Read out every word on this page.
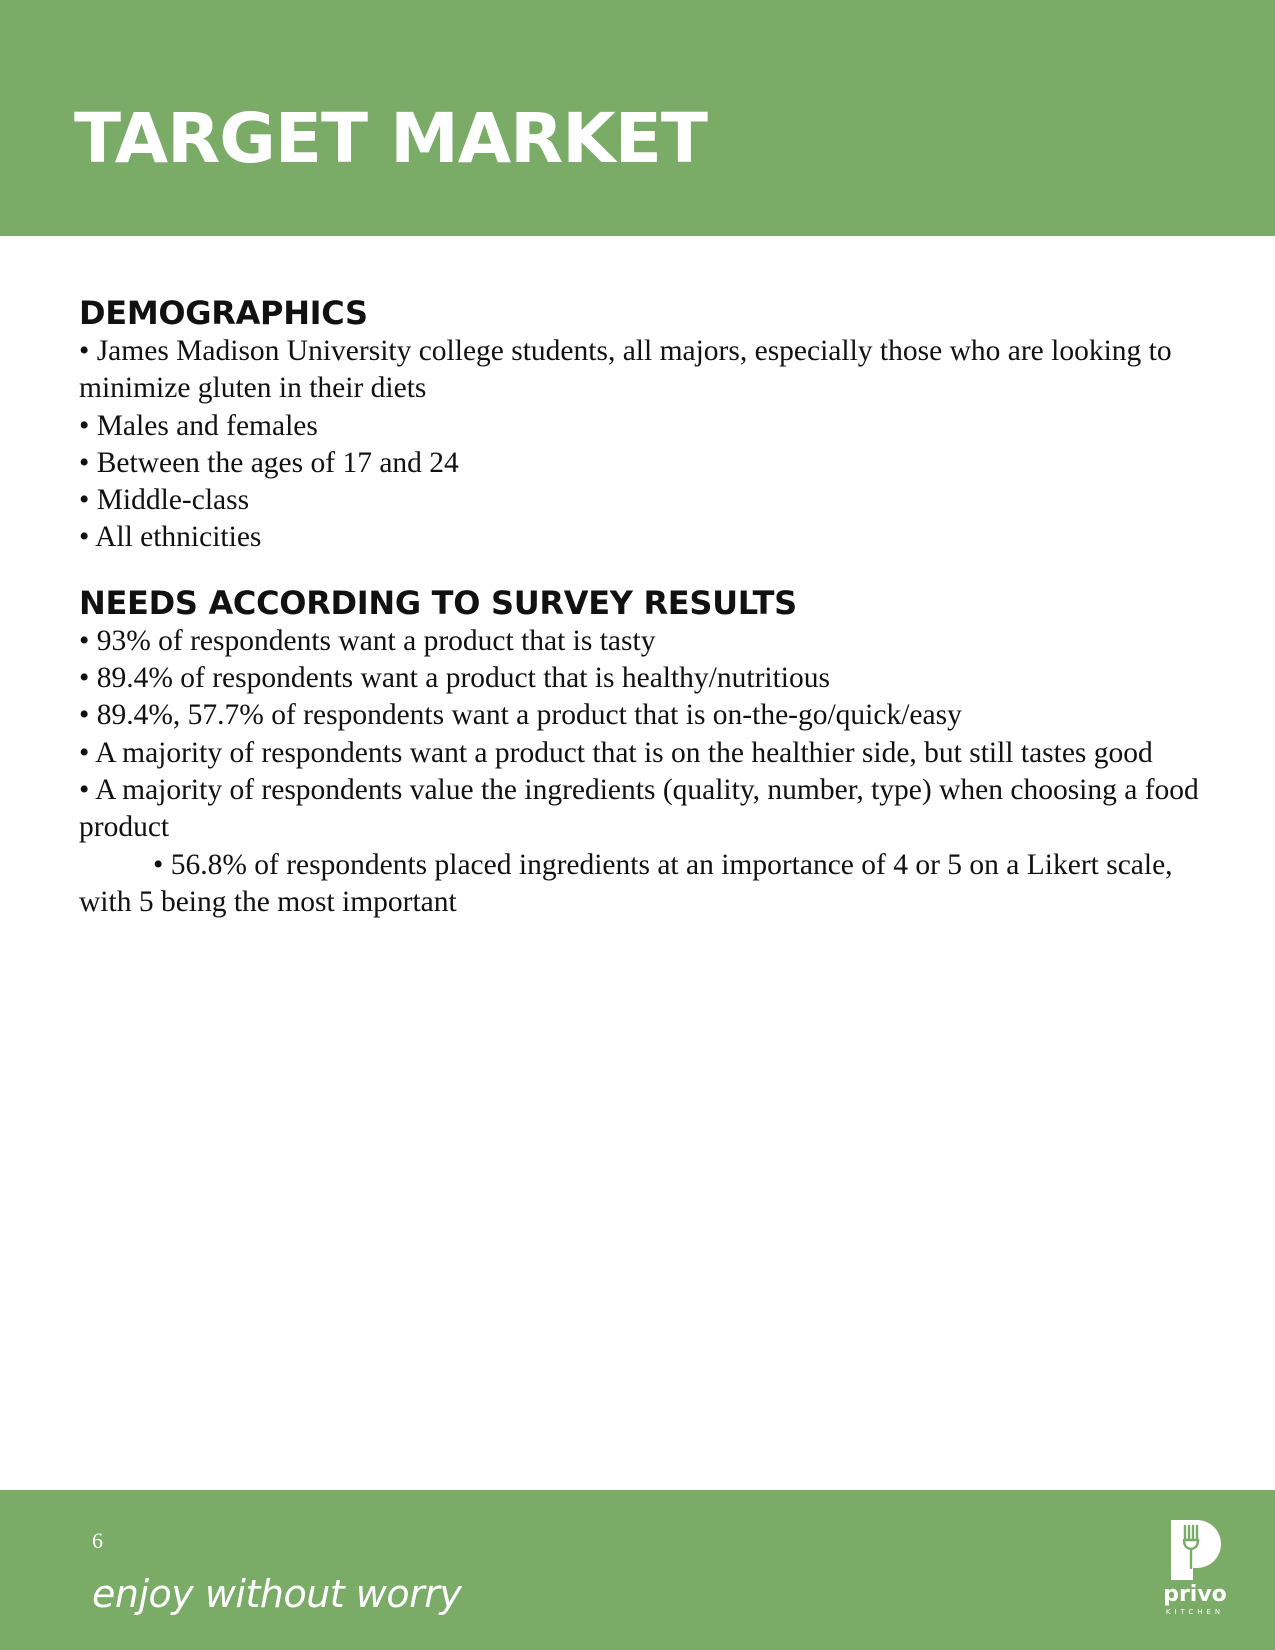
TARGET MARKET
DEMOGRAPHICS

• James Madison University college students, all majors, especially those who are looking to minimize gluten in their diets

• Males and females

• Between the ages of 17 and 24

• Middle-class

• All ethnicities

NEEDS ACCORDING TO SURVEY RESULTS

• 93% of respondents want a product that is tasty

• 89.4% of respondents want a product that is healthy/nutritious

• 89.4%, 57.7% of respondents want a product that is on-the-go/quick/easy

• A majority of respondents want a product that is on the healthier side, but still tastes good

• A majority of respondents value the ingredients (quality, number, type) when choosing a food product

• 56.8% of respondents placed ingredients at an importance of 4 or 5 on a Likert scale, with 5 being the most important

6
enjoy without worry	privo
KITCHEN
